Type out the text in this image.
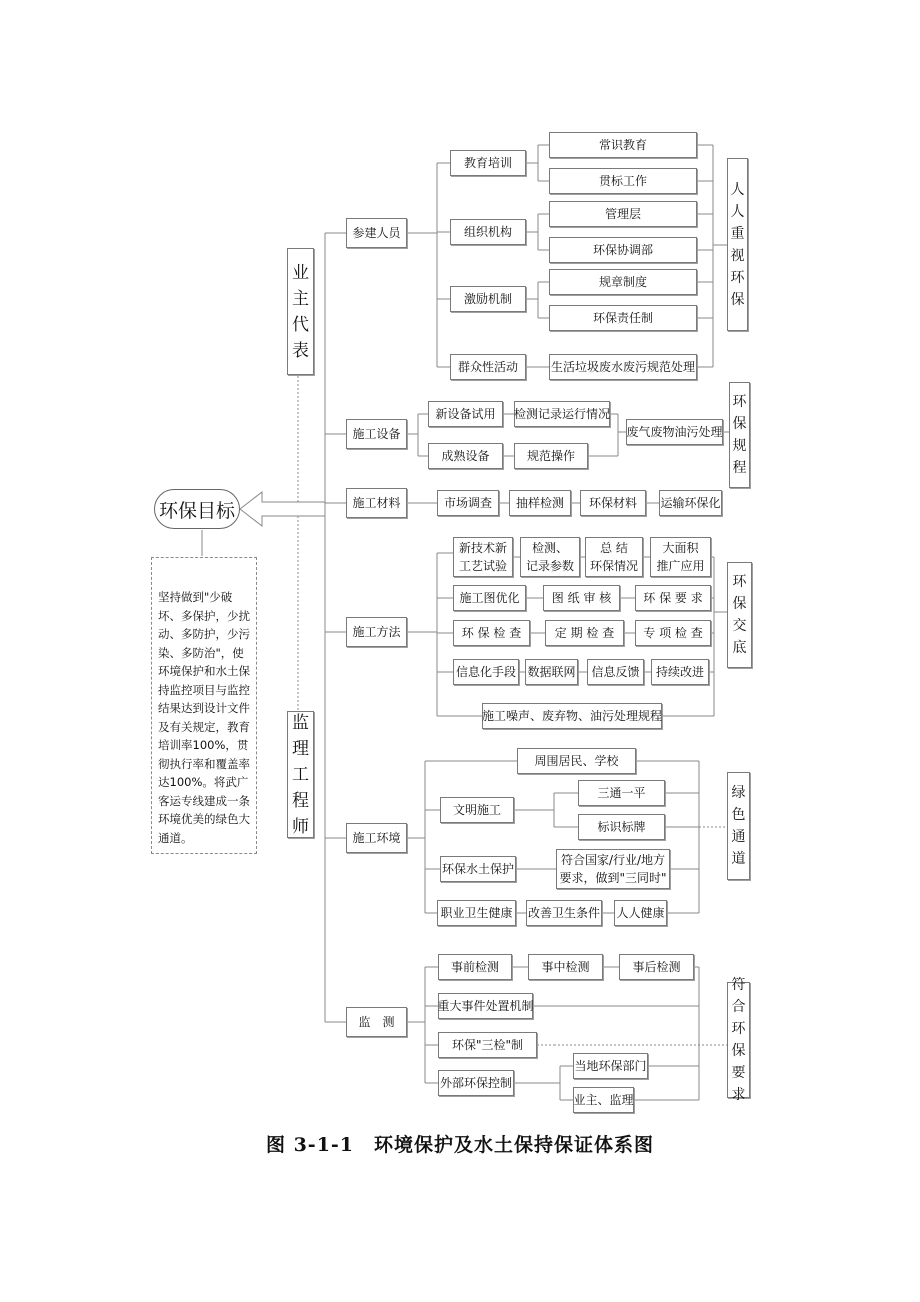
环保目标
坚持做到"少破坏、多保护，少扰动、多防护，少污染、多防治"，使环境保护和水土保持监控项目与监控结果达到设计文件及有关规定，教育培训率100%，贯彻执行率和覆盖率达100%。将武广客运专线建成一条环境优美的绿色大通道。
业主代表
监理工程师
参建人员
施工设备
施工材料
施工方法
施工环境
监　测
教育培训
常识教育
贯标工作
组织机构
管理层
环保协调部
激励机制
规章制度
环保责任制
群众性活动	生活垃圾废水废污规范处理
人人重视环保
新设备试用	检测记录运行情况
成熟设备	规范操作
废气废物油污处理
环保规程
市场调查	抽样检测	环保材料	运输环保化
新技术新
工艺试验
检测、
记录参数
总 结
环保情况
大面积
推广应用
施工图优化	图 纸 审 核	环 保 要 求
环 保 检 查	定 期 检 查	专 项 检 查
信息化手段 数据联网	信息反馈	持续改进
施工噪声、废弃物、油污处理规程
环保交底
周围居民、学校
文明施工
三通一平
标识标牌
环保水土保护
符合国家/行业/地方
要求，做到"三同时"
职业卫生健康 改善卫生条件 人人健康
绿色通道
事前检测	事中检测	事后检测
重大事件处置机制
环保"三检"制
外部环保控制
当地环保部门
业主、监理
符合环保要求
图 3-1-1　环境保护及水土保持保证体系图
